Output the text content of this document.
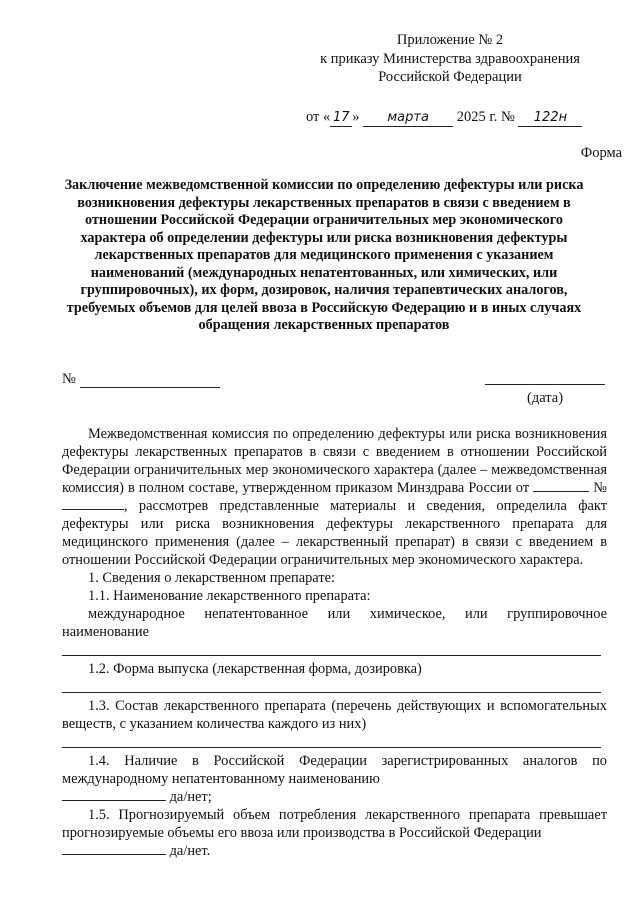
Приложение № 2
к приказу Министерства здравоохранения
Российской Федерации
от « 17 » марта 2025 г. № 122н
Форма
Заключение межведомственной комиссии по определению дефектуры или риска возникновения дефектуры лекарственных препаратов в связи с введением в отношении Российской Федерации ограничительных мер экономического характера об определении дефектуры или риска возникновения дефектуры лекарственных препаратов для медицинского применения с указанием наименований (международных непатентованных, или химических, или группировочных), их форм, дозировок, наличия терапевтических аналогов, требуемых объемов для целей ввоза в Российскую Федерацию и в иных случаях обращения лекарственных препаратов
№
(дата)

Межведомственная комиссия по определению дефектуры или риска возникновения дефектуры лекарственных препаратов в связи с введением в отношении Российской Федерации ограничительных мер экономического характера (далее – межведомственная комиссия) в полном составе, утвержденном приказом Минздрава России от	№, рассмотрев представленные материалы и сведения, определила факт дефектуры или риска возникновения дефектуры лекарственного препарата для медицинского применения (далее – лекарственный препарат) в связи с введением в отношении Российской Федерации ограничительных мер экономического характера.

1. Сведения о лекарственном препарате:

1.1. Наименование лекарственного препарата:

международное непатентованное или химическое, или группировочное наименование

1.2. Форма выпуска (лекарственная форма, дозировка)

1.3. Состав лекарственного препарата (перечень действующих и вспомогательных веществ, с указанием количества каждого из них)

1.4. Наличие в Российской Федерации зарегистрированных аналогов по международному непатентованному наименованию

да/нет;

1.5. Прогнозируемый объем потребления лекарственного препарата превышает прогнозируемые объемы его ввоза или производства в Российской Федерации

да/нет.
